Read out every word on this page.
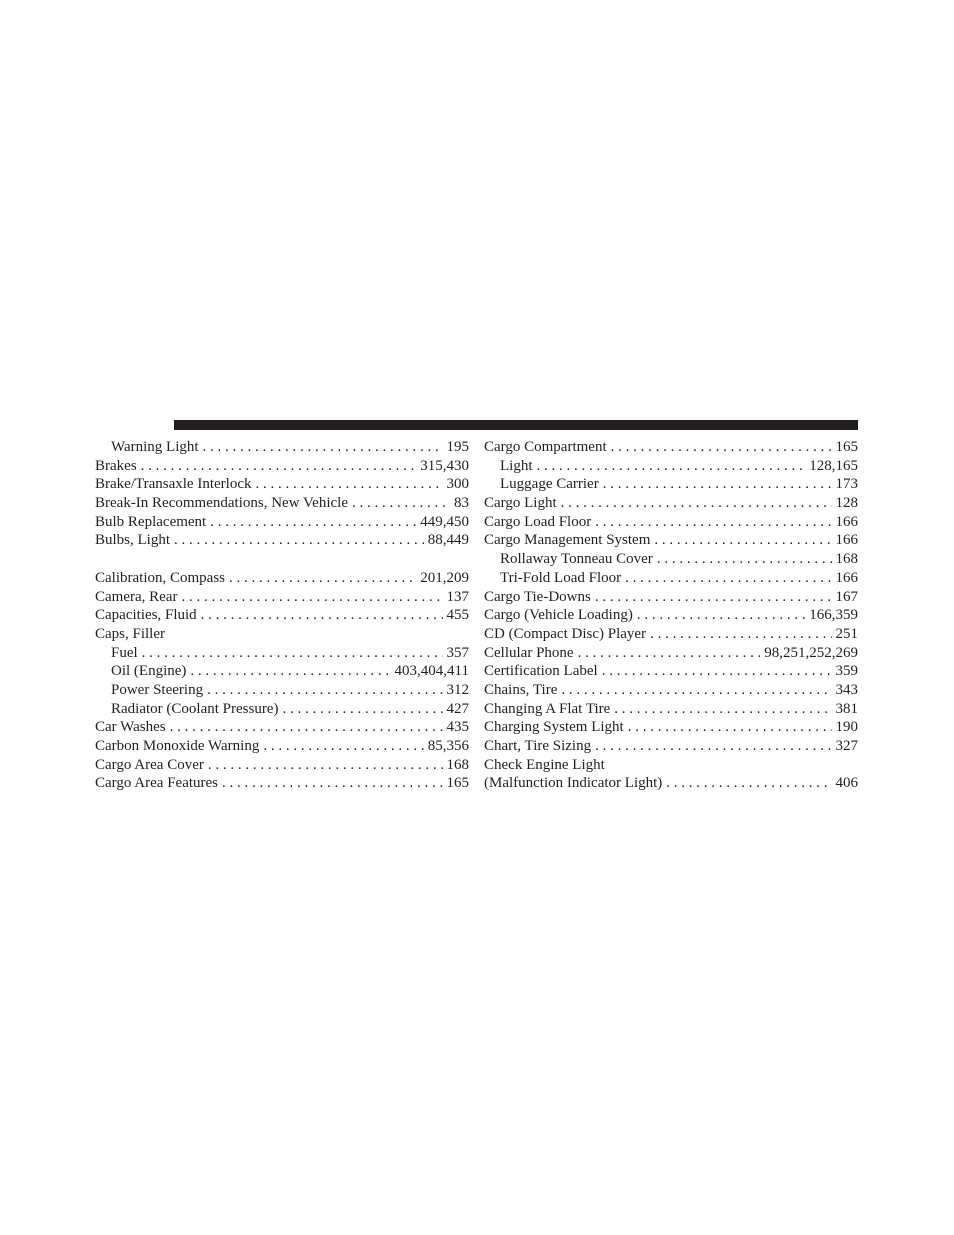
Warning Light . . .	195
Brakes . . .	315,430
Brake/Transaxle Interlock . . .	300
Break-In Recommendations, New Vehicle . . .	83
Bulb Replacement . . .	449,450
Bulbs, Light . . .	88,449
Calibration, Compass . . .	201,209
Camera, Rear . . .	137
Capacities, Fluid . . .	455
Caps, Filler
Fuel . . .	357
Oil (Engine) . . .	403,404,411
Power Steering . . .	312
Radiator (Coolant Pressure) . . .	427
Car Washes . . .	435
Carbon Monoxide Warning . . .	85,356
Cargo Area Cover . . .	168
Cargo Area Features . . .	165
Cargo Compartment . . .	165
Light . . .	128,165
Luggage Carrier . . .	173
Cargo Light . . .	128
Cargo Load Floor . . .	166
Cargo Management System . . .	166
Rollaway Tonneau Cover . . .	168
Tri-Fold Load Floor . . .	166
Cargo Tie-Downs . . .	167
Cargo (Vehicle Loading) . . .	166,359
CD (Compact Disc) Player . . .	251
Cellular Phone . . .	98,251,252,269
Certification Label . . .	359
Chains, Tire . . .	343
Changing A Flat Tire . . .	381
Charging System Light . . .	190
Chart, Tire Sizing . . .	327
Check Engine Light
(Malfunction Indicator Light) . . .	406
